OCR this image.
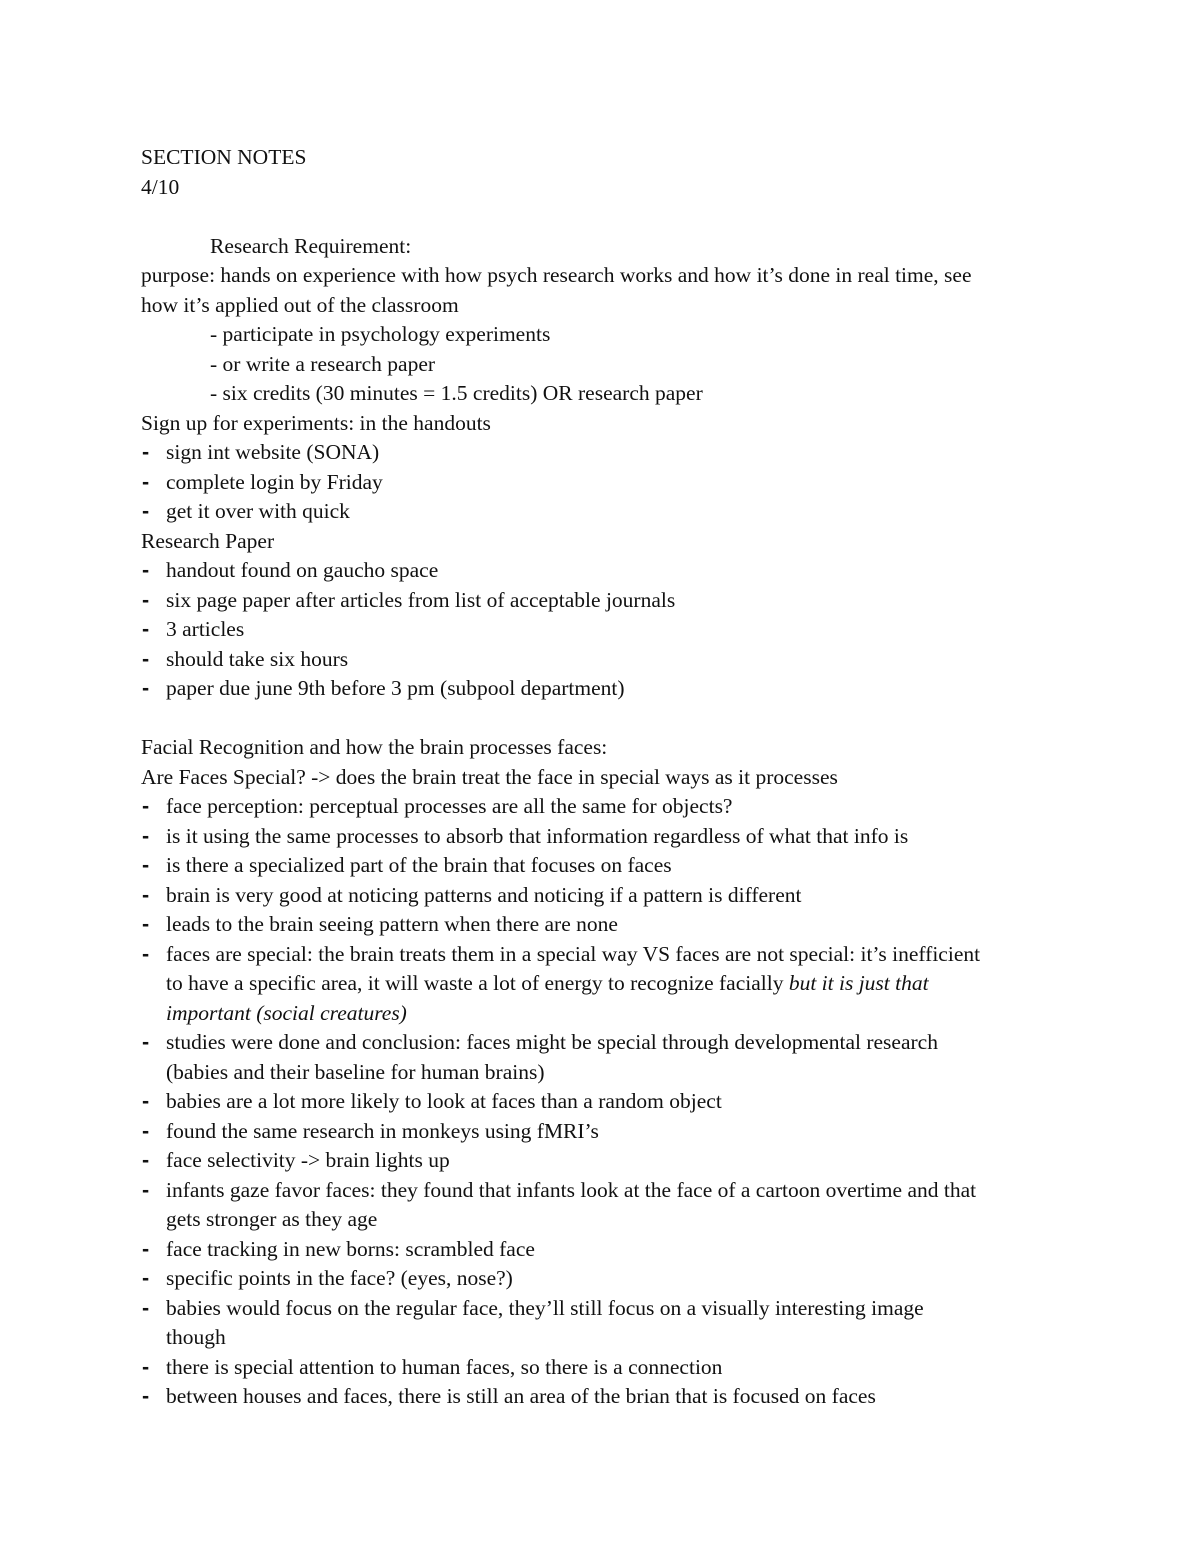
SECTION NOTES
4/10
Research Requirement:
purpose: hands on experience with how psych research works and how it’s done in real time, see
how it’s applied out of the classroom
- participate in psychology experiments
- or write a research paper
- six credits (30 minutes = 1.5 credits) OR research paper
Sign up for experiments: in the handouts
- sign int website (SONA)
- complete login by Friday
- get it over with quick
Research Paper
- handout found on gaucho space
- six page paper after articles from list of acceptable journals
- 3 articles
- should take six hours
- paper due june 9th before 3 pm (subpool department)
Facial Recognition and how the brain processes faces:
Are Faces Special? -> does the brain treat the face in special ways as it processes
- face perception: perceptual processes are all the same for objects?
- is it using the same processes to absorb that information regardless of what that info is
- is there a specialized part of the brain that focuses on faces
- brain is very good at noticing patterns and noticing if a pattern is different
- leads to the brain seeing pattern when there are none
- faces are special: the brain treats them in a special way VS faces are not special: it’s inefficient
to have a specific area, it will waste a lot of energy to recognize facially but it is just that
important (social creatures)
- studies were done and conclusion: faces might be special through developmental research
(babies and their baseline for human brains)
- babies are a lot more likely to look at faces than a random object
- found the same research in monkeys using fMRI’s
- face selectivity -> brain lights up
- infants gaze favor faces: they found that infants look at the face of a cartoon overtime and that
gets stronger as they age
- face tracking in new borns: scrambled face
- specific points in the face? (eyes, nose?)
- babies would focus on the regular face, they’ll still focus on a visually interesting image
though
- there is special attention to human faces, so there is a connection
- between houses and faces, there is still an area of the brian that is focused on faces
